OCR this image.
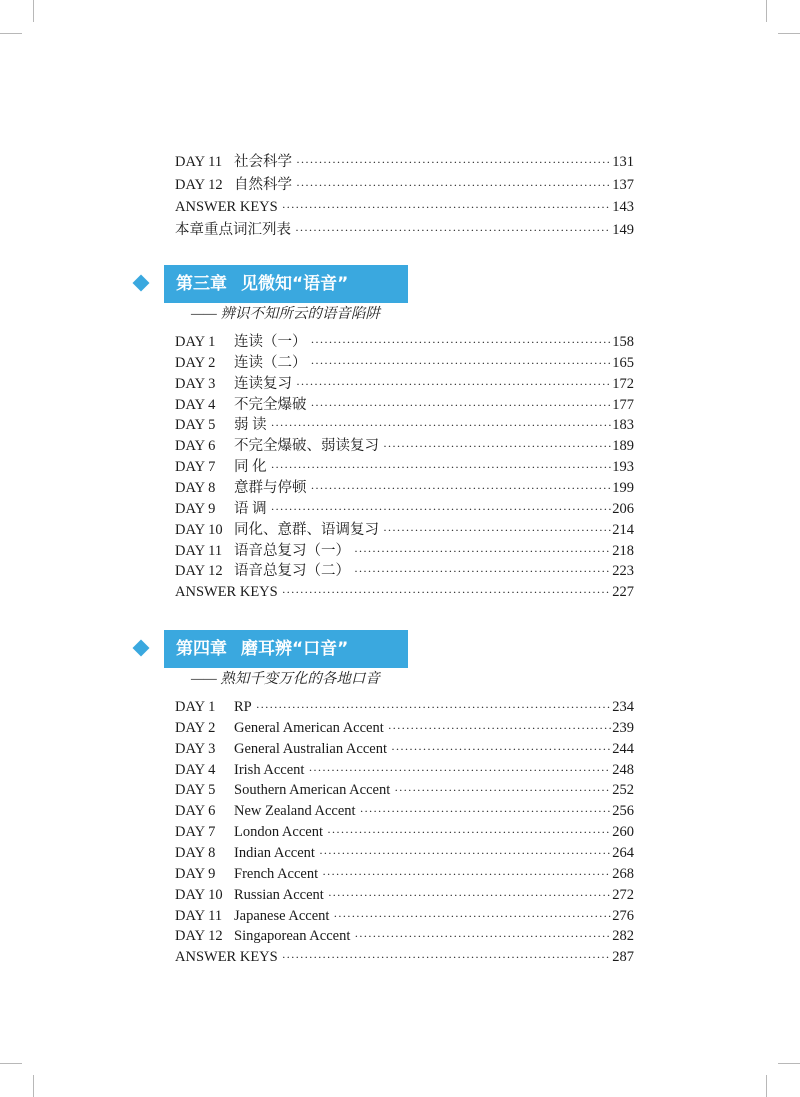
DAY 11 社会科学 ·····	131
DAY 12 自然科学 ·····	137
ANSWER KEYS ·····	143
本章重点词汇列表 ·····	149
第三章 见微知“语音”
—— 辨识不知所云的语音陷阱
DAY 1	连读（一） ·····	158
DAY 2	连读（二） ·····	165
DAY 3	连读复习 ·····	172
DAY 4	不完全爆破 ·····	177
DAY 5	弱 读 ·····	183
DAY 6	不完全爆破、弱读复习 ·····	189
DAY 7	同 化 ·····	193
DAY 8	意群与停顿 ·····	199
DAY 9	语 调 ·····	206
DAY 10 同化、意群、语调复习 ·····	214
DAY 11 语音总复习（一） ·····	218
DAY 12 语音总复习（二） ·····	223
ANSWER KEYS ·····	227
第四章 磨耳辨“口音”
—— 熟知千变万化的各地口音
DAY 1	RP ·····	234
DAY 2	General American Accent ·····	239
DAY 3	General Australian Accent ·····	244
DAY 4	Irish Accent ·····	248
DAY 5	Southern American Accent ·····	252
DAY 6	New Zealand Accent ·····	256
DAY 7	London Accent ·····	260
DAY 8	Indian Accent ·····	264
DAY 9	French Accent ·····	268
DAY 10 Russian Accent ·····	272
DAY 11 Japanese Accent ·····	276
DAY 12 Singaporean Accent ·····	282
ANSWER KEYS ·····	287
